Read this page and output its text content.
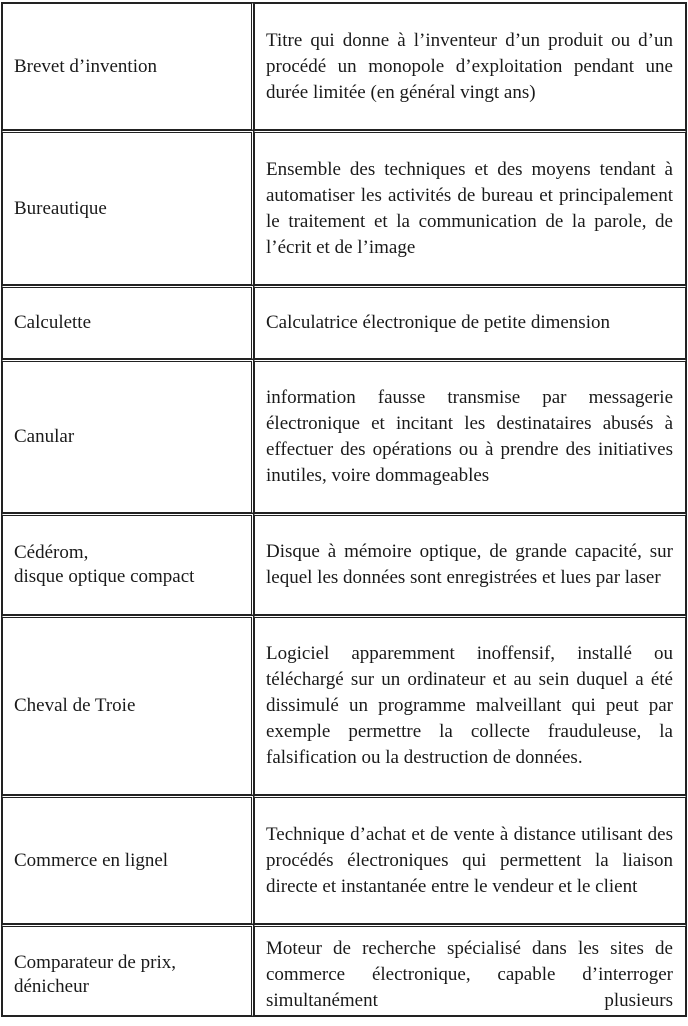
Brevet d’invention	Titre qui donne à l’inventeur d’un produit ou d’un procédé un monopole d’exploitation pendant une durée limitée (en général vingt ans)

Bureautique	Ensemble des techniques et des moyens tendant à automatiser les activités de bureau et principalement le traitement et la communication de la parole, de l’écrit et de l’image

Calculette	Calculatrice électronique de petite dimension

Canular	information fausse transmise par messagerie électronique et incitant les destinataires abusés à effectuer des opérations ou à prendre des initiatives inutiles, voire dommageables

Cédérom,
disque optique compact	Disque à mémoire optique, de grande capacité, sur lequel les données sont enregistrées et lues par laser

Cheval de Troie	Logiciel apparemment inoffensif, installé ou téléchargé sur un ordinateur et au sein duquel a été dissimulé un programme malveillant qui peut par exemple permettre la collecte frauduleuse, la falsification ou la destruction de données.

Commerce en lignel	Technique d’achat et de vente à distance utilisant des procédés électroniques qui permettent la liaison directe et instantanée entre le vendeur et le client

Comparateur de prix,
dénicheur	Moteur de recherche spécialisé dans les sites de commerce électronique, capable d’interroger simultanément plusieurs
